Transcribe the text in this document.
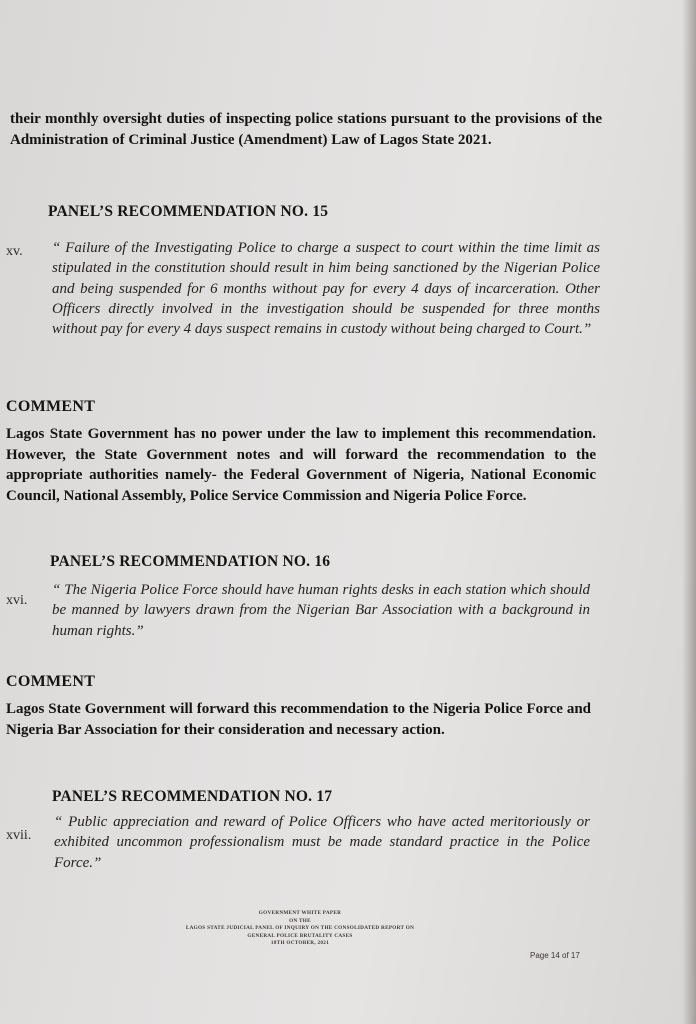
their monthly oversight duties of inspecting police stations pursuant to the provisions of the Administration of Criminal Justice (Amendment) Law of Lagos State 2021.
PANEL’S RECOMMENDATION NO. 15
xv. “ Failure of the Investigating Police to charge a suspect to court within the time limit as stipulated in the constitution should result in him being sanctioned by the Nigerian Police and being suspended for 6 months without pay for every 4 days of incarceration. Other Officers directly involved in the investigation should be suspended for three months without pay for every 4 days suspect remains in custody without being charged to Court.”
COMMENT
Lagos State Government has no power under the law to implement this recommendation. However, the State Government notes and will forward the recommendation to the appropriate authorities namely- the Federal Government of Nigeria, National Economic Council, National Assembly, Police Service Commission and Nigeria Police Force.
PANEL’S RECOMMENDATION NO. 16
xvi.
“ The Nigeria Police Force should have human rights desks in each station which should be manned by lawyers drawn from the Nigerian Bar Association with a background in human rights.”
COMMENT
Lagos State Government will forward this recommendation to the Nigeria Police Force and Nigeria Bar Association for their consideration and necessary action.
PANEL’S RECOMMENDATION NO. 17
xvii.
“ Public appreciation and reward of Police Officers who have acted meritoriously or exhibited uncommon professionalism must be made standard practice in the Police Force.”
GOVERNMENT WHITE PAPER
ON THE
LAGOS STATE JUDICIAL PANEL OF INQUIRY ON THE CONSOLIDATED REPORT ON
GENERAL POLICE BRUTALITY CASES
18TH OCTOBER, 2021
Page 14 of 17
